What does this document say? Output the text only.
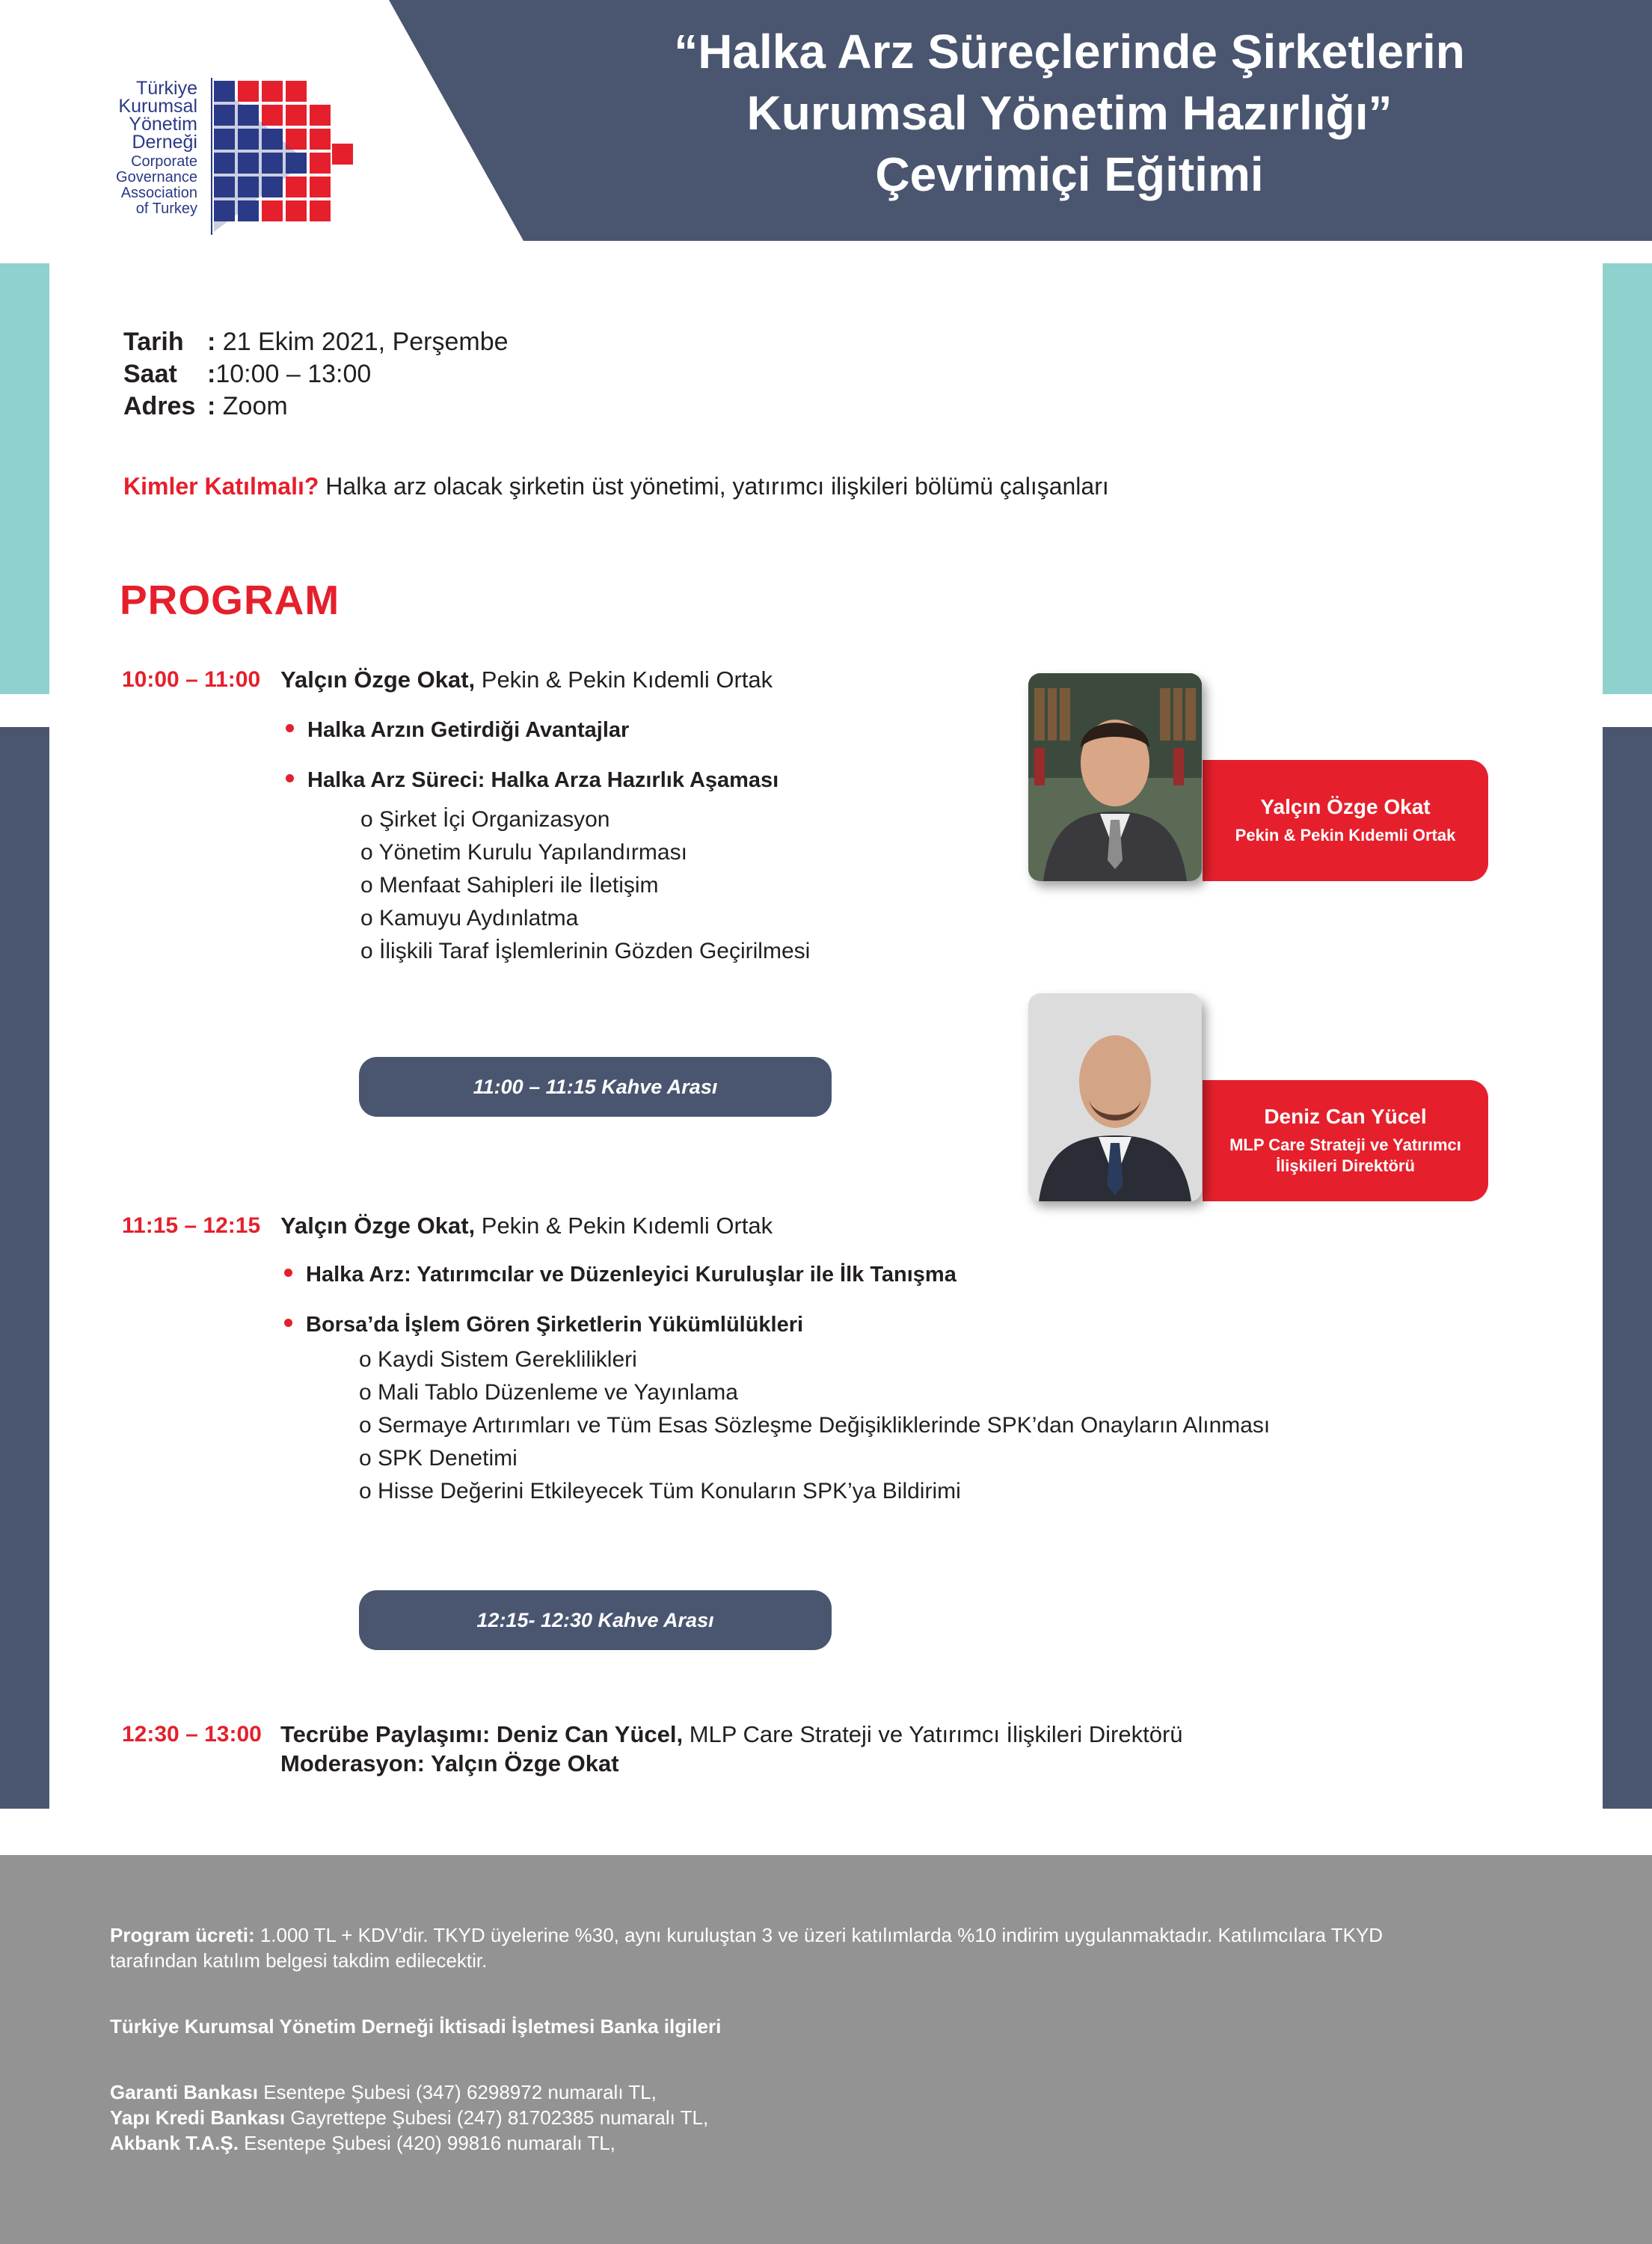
“Halka Arz Süreçlerinde Şirketlerin
Kurumsal Yönetim Hazırlığı”
Çevrimiçi Eğitimi
Türkiye
Kurumsal
Yönetim
Derneği
Corporate
Governance
Association
of Turkey
Tarih : 21 Ekim 2021, Perşembe
Saat :10:00 – 13:00
Adres : Zoom
Kimler Katılmalı? Halka arz olacak şirketin üst yönetimi, yatırımcı ilişkileri bölümü çalışanları
PROGRAM
10:00 – 11:00 Yalçın Özge Okat, Pekin & Pekin Kıdemli Ortak
Halka Arzın Getirdiği Avantajlar
Halka Arz Süreci: Halka Arza Hazırlık Aşaması
o Şirket İçi Organizasyon
o Yönetim Kurulu Yapılandırması
o Menfaat Sahipleri ile İletişim
o Kamuyu Aydınlatma
o İlişkili Taraf İşlemlerinin Gözden Geçirilmesi
11:00 – 11:15 Kahve Arası
11:15 – 12:15 Yalçın Özge Okat, Pekin & Pekin Kıdemli Ortak
Halka Arz: Yatırımcılar ve Düzenleyici Kuruluşlar ile İlk Tanışma
Borsa’da İşlem Gören Şirketlerin Yükümlülükleri
o Kaydi Sistem Gereklilikleri
o Mali Tablo Düzenleme ve Yayınlama
o Sermaye Artırımları ve Tüm Esas Sözleşme Değişikliklerinde SPK’dan Onayların Alınması
o SPK Denetimi
o Hisse Değerini Etkileyecek Tüm Konuların SPK’ya Bildirimi
12:15- 12:30 Kahve Arası
12:30 – 13:00 Tecrübe Paylaşımı: Deniz Can Yücel, MLP Care Strateji ve Yatırımcı İlişkileri Direktörü
Moderasyon: Yalçın Özge Okat
Yalçın Özge Okat
Pekin & Pekin Kıdemli Ortak
Deniz Can Yücel
MLP Care Strateji ve Yatırımcı
İlişkileri Direktörü
Program ücreti: 1.000 TL + KDV’dir. TKYD üyelerine %30, aynı kuruluştan 3 ve üzeri katılımlarda %10 indirim uygulanmaktadır. Katılımcılara TKYD
tarafından katılım belgesi takdim edilecektir.
Türkiye Kurumsal Yönetim Derneği İktisadi İşletmesi Banka ilgileri
Garanti Bankası Esentepe Şubesi (347) 6298972 numaralı TL,
Yapı Kredi Bankası Gayrettepe Şubesi (247) 81702385 numaralı TL,
Akbank T.A.Ş. Esentepe Şubesi (420) 99816 numaralı TL,
